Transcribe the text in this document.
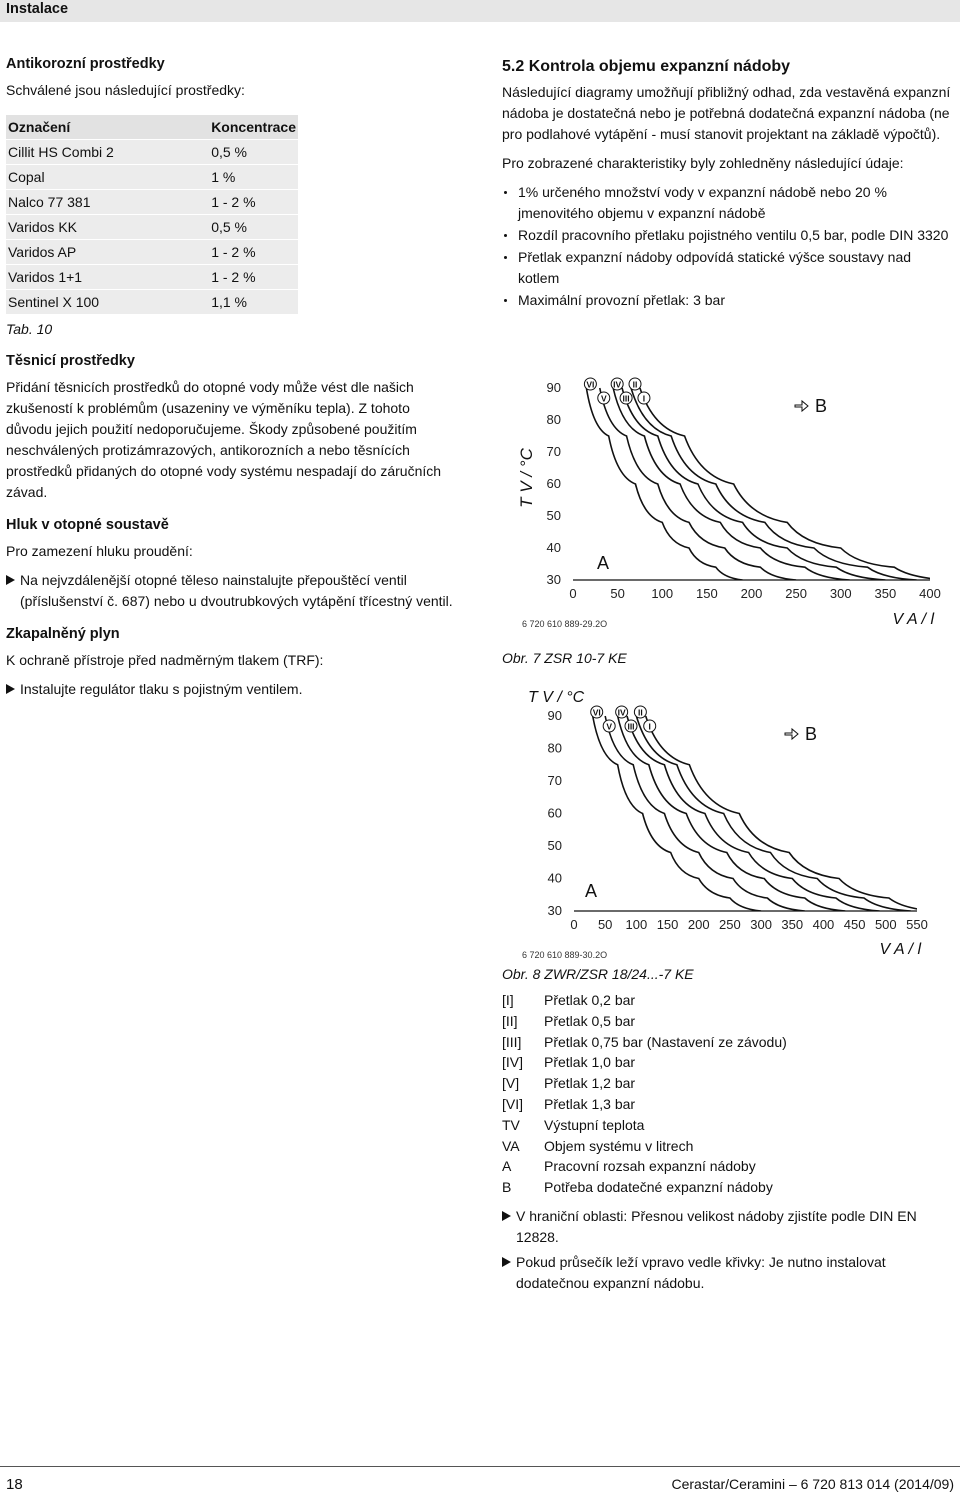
Instalace
Antikorozní prostředky

Schválené jsou následující prostředky:

Označení	Koncentrace
Cillit HS Combi 2	0,5 %
Copal	1 %
Nalco 77 381	1 - 2 %
Varidos KK	0,5 %
Varidos AP	1 - 2 %
Varidos 1+1	1 - 2 %
Sentinel X 100	1,1 %
Tab. 10
Těsnicí prostředky

Přidání těsnicích prostředků do otopné vody může vést dle našich zkušeností k problémům (usazeniny ve výměníku tepla). Z tohoto důvodu jejich použití nedoporučujeme. Škody způsobené použitím neschválených protizámrazových, antikorozních a nebo těsnících prostředků přidaných do otopné vody systému nespadají do záručních závad.

Hluk v otopné soustavě

Pro zamezení hluku proudění:

Na nejvzdálenější otopné těleso nainstalujte přepouštěcí ventil (příslušenství č. 687) nebo u dvoutrubkových vytápění třícestný ventil.
Zkapalněný plyn

K ochraně přístroje před nadměrným tlakem (TRF):

Instalujte regulátor tlaku s pojistným ventilem.
5.2 Kontrola objemu expanzní nádoby

Následující diagramy umožňují přibližný odhad, zda vestavěná expanzní nádoba je dostatečná nebo je potřebná dodatečná expanzní nádoba (ne pro podlahové vytápění - musí stanovit projektant na základě výpočtů).

Pro zobrazené charakteristiky byly zohledněny následující údaje:

1% určeného množství vody v expanzní nádobě nebo 20 % jmenovitého objemu v expanzní nádobě
Rozdíl pracovního přetlaku pojistného ventilu 0,5 bar, podle DIN 3320
Přetlak expanzní nádoby odpovídá statické výšce soustavy nad kotlem
Maximální provozní přetlak: 3 bar
90
80
70
60
50
40
30
0	50 100 150 200 250 300 350 400
T V / °C
V A / l
6 720 610 889-29.2O
VI
V
IV
III
II
I
A
B
Obr. 7 ZSR 10-7 KE
90
80
70
60
50
40
30
0 50 100 150 200 250 300 350 400 450 500 550
T V / °C
V A / l
6 720 610 889-30.2O
VI
V
IV
III
II
I
A
B
Obr. 8 ZWR/ZSR 18/24...-7 KE
[I] Přetlak 0,2 bar
[II] Přetlak 0,5 bar
[III] Přetlak 0,75 bar (Nastavení ze závodu)
[IV] Přetlak 1,0 bar
[V] Přetlak 1,2 bar
[VI] Přetlak 1,3 bar
TV Výstupní teplota
VA Objem systému v litrech
A Pracovní rozsah expanzní nádoby
B Potřeba dodatečné expanzní nádoby
V hraniční oblasti: Přesnou velikost nádoby zjistíte podle DIN EN 12828.
Pokud průsečík leží vpravo vedle křivky: Je nutno instalovat dodatečnou expanzní nádobu.
18	Cerastar/Ceramini – 6 720 813 014 (2014/09)
